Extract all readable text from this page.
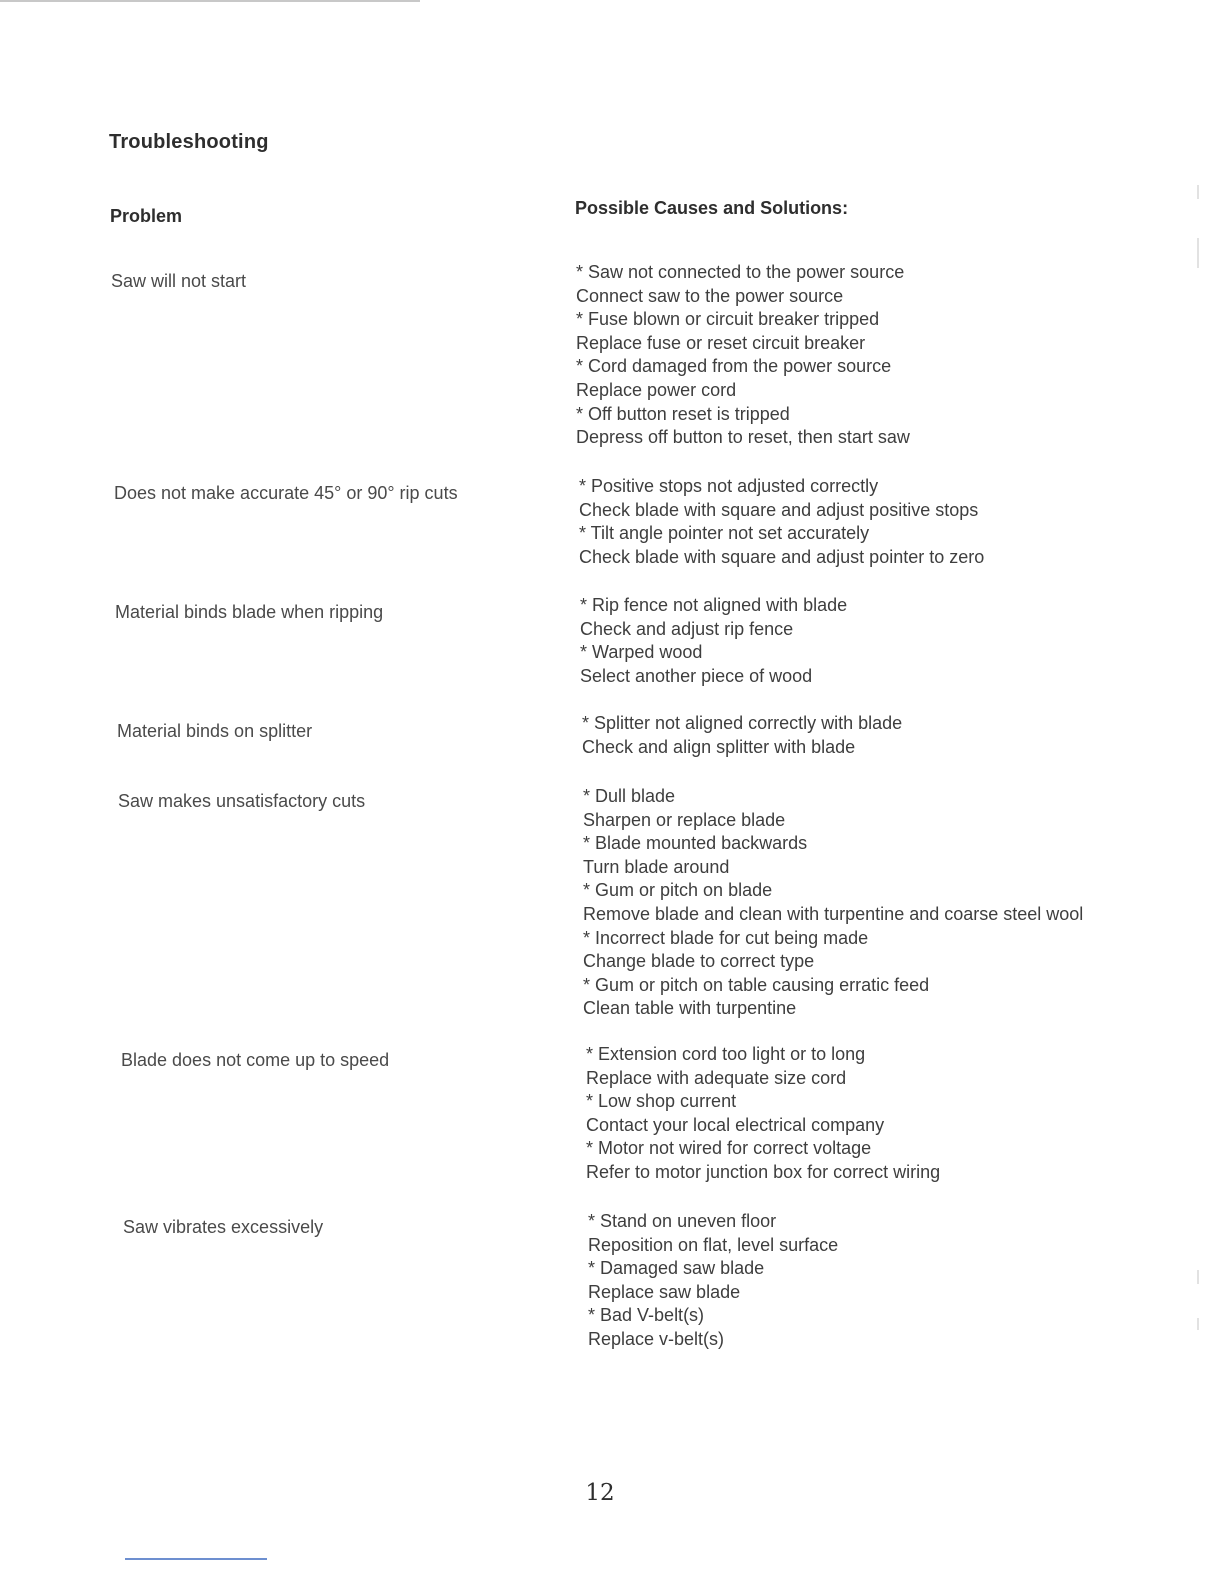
Troubleshooting
Problem	Possible Causes and Solutions:
Saw will not start	* Saw not connected to the power source
Connect saw to the power source
* Fuse blown or circuit breaker tripped
Replace fuse or reset circuit breaker
* Cord damaged from the power source
Replace power cord
* Off button reset is tripped
Depress off button to reset, then start saw
Does not make accurate 45° or 90° rip cuts	* Positive stops not adjusted correctly
Check blade with square and adjust positive stops
* Tilt angle pointer not set accurately
Check blade with square and adjust pointer to zero
Material binds blade when ripping	* Rip fence not aligned with blade
Check and adjust rip fence
* Warped wood
Select another piece of wood
Material binds on splitter	* Splitter not aligned correctly with blade
Check and align splitter with blade
Saw makes unsatisfactory cuts	* Dull blade
Sharpen or replace blade
* Blade mounted backwards
Turn blade around
* Gum or pitch on blade
Remove blade and clean with turpentine and coarse steel wool
* Incorrect blade for cut being made
Change blade to correct type
* Gum or pitch on table causing erratic feed
Clean table with turpentine
Blade does not come up to speed	* Extension cord too light or to long
Replace with adequate size cord
* Low shop current
Contact your local electrical company
* Motor not wired for correct voltage
Refer to motor junction box for correct wiring
Saw vibrates excessively	* Stand on uneven floor
Reposition on flat, level surface
* Damaged saw blade
Replace saw blade
* Bad V-belt(s)
Replace v-belt(s)
12
